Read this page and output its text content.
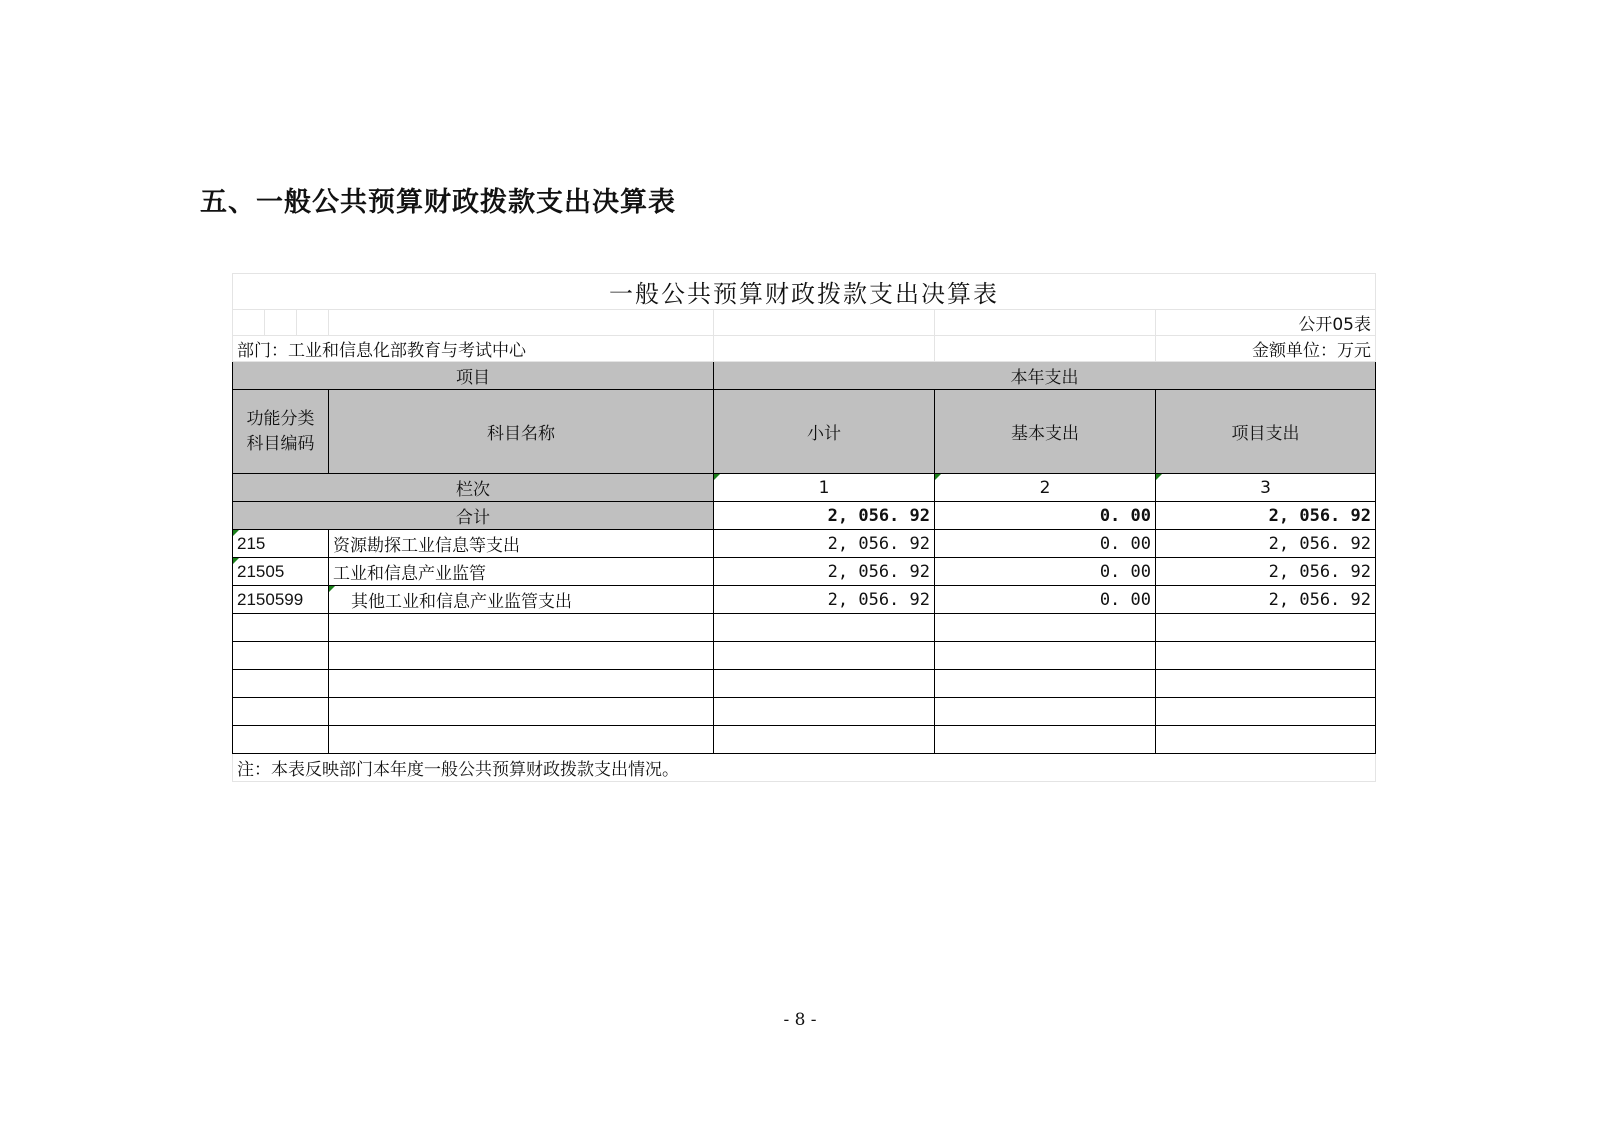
五、一般公共预算财政拨款支出决算表
一般公共预算财政拨款支出决算表						
						公开05表
部门：工业和信息化部教育与考试中心						金额单位：万元
项目				本年支出		
功能分类
科目编码			科目名称	小计	基本支出	项目支出
栏次				1	2	3
合计				2, 056. 92	0. 00	2, 056. 92
215			资源勘探工业信息等支出	2, 056. 92	0. 00	2, 056. 92
21505			工业和信息产业监管	2, 056. 92	0. 00	2, 056. 92
2150599			其他工业和信息产业监管支出	2, 056. 92	0. 00	2, 056. 92

注：本表反映部门本年度一般公共预算财政拨款支出情况。						
- 8 -
